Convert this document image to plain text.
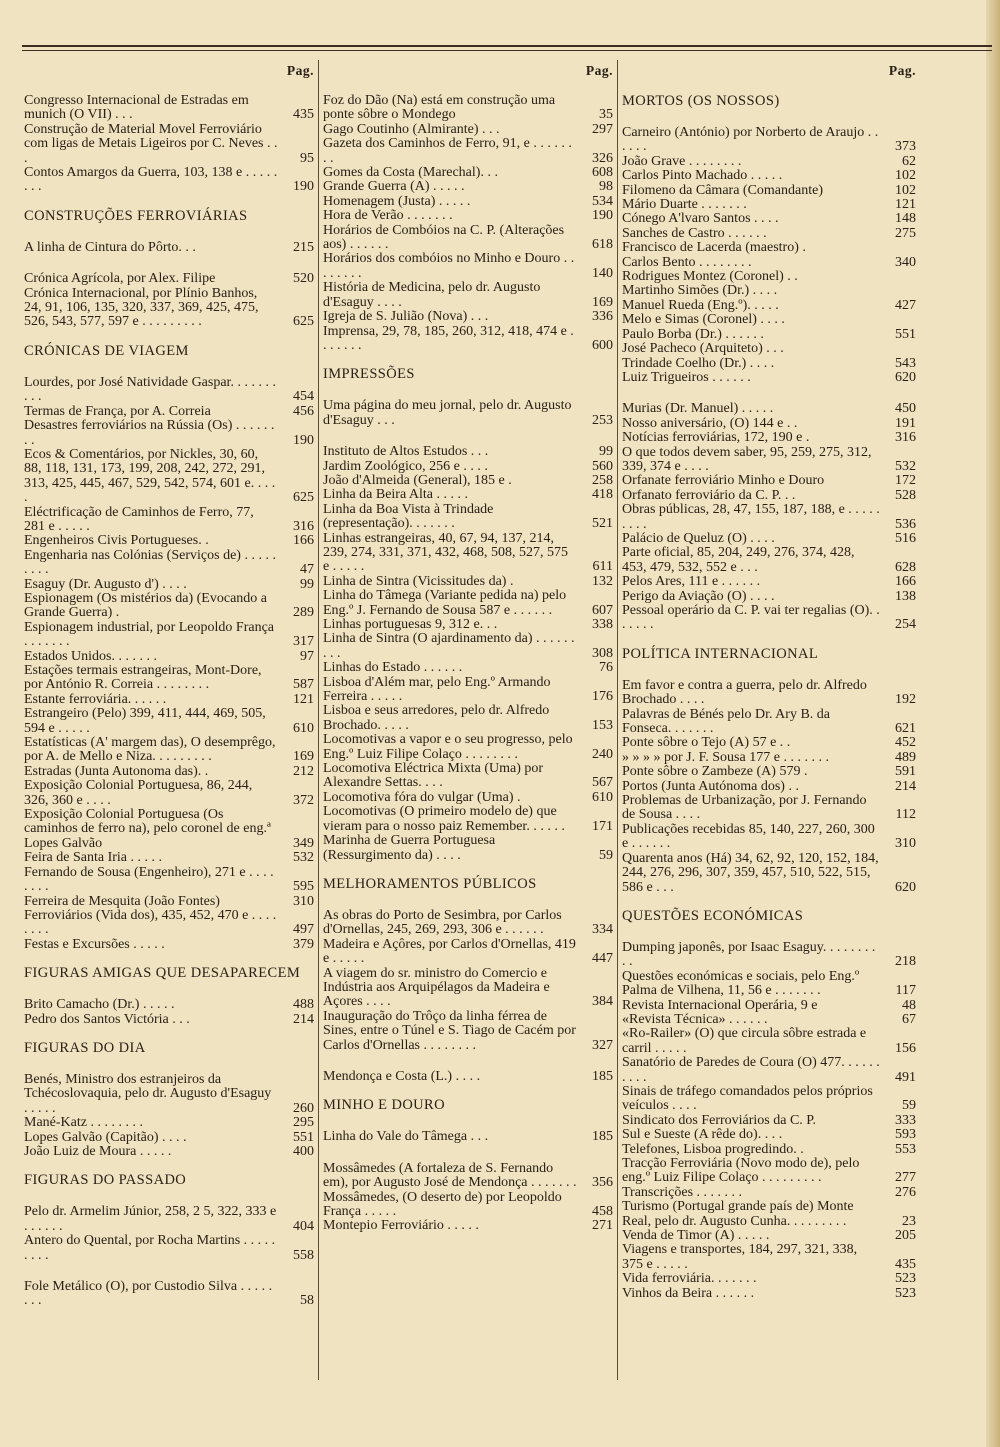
Pag.
Congresso Internacional de Estradas em munich (O VII) . . .	435
Construção de Material Movel Ferroviário com ligas de Metais Ligeiros por C. Neves . . .	95
Contos Amargos da Guerra, 103, 138 e . . . . . . . .	190
CONSTRUÇÕES FERROVIÁRIAS
A linha de Cintura do Pôrto. . .	215
Crónica Agrícola, por Alex. Filipe	520
Crónica Internacional, por Plínio Banhos, 24, 91, 106, 135, 320, 337, 369, 425, 475, 526, 543, 577, 597 e . . . . . . . . .	625
CRÓNICAS DE VIAGEM
Lourdes, por José Natividade Gaspar. . . . . . . . . .	454
Termas de França, por A. Correia	456
Desastres ferroviários na Rússia (Os) . . . . . . . .	190
Ecos & Comentários, por Nickles, 30, 60, 88, 118, 131, 173, 199, 208, 242, 272, 291, 313, 425, 445, 467, 529, 542, 574, 601 e. . . . .	625
Eléctrificação de Caminhos de Ferro, 77, 281 e . . . . .	316
Engenheiros Civis Portugueses. .	166
Engenharia nas Colónias (Serviços de) . . . . . . . . .	47
Esaguy (Dr. Augusto d') . . . .	99
Espionagem (Os mistérios da) (Evocando a Grande Guerra) .	289
Espionagem industrial, por Leopoldo França . . . . . . .	317
Estados Unidos. . . . . . .	97
Estações termais estrangeiras, Mont-Dore, por António R. Correia . . . . . . . .	587
Estante ferroviária. . . . . .	121
Estrangeiro (Pelo) 399, 411, 444, 469, 505, 594 e . . . . .	610
Estatísticas (A' margem das), O desemprêgo, por A. de Mello e Niza. . . . . . . . .	169
Estradas (Junta Autonoma das). .	212
Exposição Colonial Portuguesa, 86, 244, 326, 360 e . . . .	372
Exposição Colonial Portuguesa (Os caminhos de ferro na), pelo coronel de eng.ª Lopes Galvão	349
Feira de Santa Iria . . . . .	532
Fernando de Sousa (Engenheiro), 271 e . . . . . . . .	595
Ferreira de Mesquita (João Fontes)	310
Ferroviários (Vida dos), 435, 452, 470 e . . . . . . . .	497
Festas e Excursões . . . . .	379
FIGURAS AMIGAS QUE DESAPARECEM
Brito Camacho (Dr.) . . . . .	488
Pedro dos Santos Victória . . .	214
FIGURAS DO DIA
Benés, Ministro dos estranjeiros da Tchécoslovaquia, pelo dr. Augusto d'Esaguy . . . . .	260
Mané-Katz . . . . . . . .	295
Lopes Galvão (Capitão) . . . .	551
João Luiz de Moura . . . . .	400
FIGURAS DO PASSADO
Pelo dr. Armelim Júnior, 258, 2 5, 322, 333 e . . . . . .	404
Antero do Quental, por Rocha Martins . . . . . . . . .	558
Fole Metálico (O), por Custodio Silva . . . . . . . .	58
Pag.
Foz do Dão (Na) está em construção uma ponte sôbre o Mondego	35
Gago Coutinho (Almirante) . . .	297
Gazeta dos Caminhos de Ferro, 91, e . . . . . . . .	326
Gomes da Costa (Marechal). . .	608
Grande Guerra (A) . . . . .	98
Homenagem (Justa) . . . . .	534
Hora de Verão . . . . . . .	190
Horários de Combóios na C. P. (Alterações aos) . . . . . .	618
Horários dos combóios no Minho e Douro . . . . . . . .	140
História de Medicina, pelo dr. Augusto d'Esaguy . . . .	169
Igreja de S. Julião (Nova) . . .	336
Imprensa, 29, 78, 185, 260, 312, 418, 474 e . . . . . . .	600
IMPRESSÕES
Uma página do meu jornal, pelo dr. Augusto d'Esaguy . . .	253
Instituto de Altos Estudos . . .	99
Jardim Zoológico, 256 e . . . .	560
João d'Almeida (General), 185 e .	258
Linha da Beira Alta . . . . .	418
Linha da Boa Vista à Trindade (representação). . . . . . .	521
Linhas estrangeiras, 40, 67, 94, 137, 214, 239, 274, 331, 371, 432, 468, 508, 527, 575 e . . . . .	611
Linha de Sintra (Vicissitudes da) .	132
Linha do Tâmega (Variante pedida na) pelo Eng.º J. Fernando de Sousa 587 e . . . . . .	607
Linhas portuguesas 9, 312 e. . .	338
Linha de Sintra (O ajardinamento da) . . . . . . . . .	308
Linhas do Estado . . . . . .	76
Lisboa d'Além mar, pelo Eng.º Armando Ferreira . . . . .	176
Lisboa e seus arredores, pelo dr. Alfredo Brochado. . . . .	153
Locomotivas a vapor e o seu progresso, pelo Eng.º Luiz Filipe Colaço . . . . . . . .	240
Locomotiva Eléctrica Mixta (Uma) por Alexandre Settas. . . .	567
Locomotiva fóra do vulgar (Uma) .	610
Locomotivas (O primeiro modelo de) que vieram para o nosso paiz Remember. . . . . .	171
Marinha de Guerra Portuguesa (Ressurgimento da) . . . .	59
MELHORAMENTOS PÚBLICOS
As obras do Porto de Sesimbra, por Carlos d'Ornellas, 245, 269, 293, 306 e . . . . . .	334
Madeira e Açôres, por Carlos d'Ornellas, 419 e . . . . .	447
A viagem do sr. ministro do Comercio e Indústria aos Arquipélagos da Madeira e Açores . . . .	384
Inauguração do Trôço da linha férrea de Sines, entre o Túnel e S. Tiago de Cacém por Carlos d'Ornellas . . . . . . . .	327
Mendonça e Costa (L.) . . . .	185
MINHO E DOURO
Linha do Vale do Tâmega . . .	185
Mossâmedes (A fortaleza de S. Fernando em), por Augusto José de Mendonça . . . . . . .	356
Mossâmedes, (O deserto de) por Leopoldo França . . . . .	458
Montepio Ferroviário . . . . .	271
Pag.
MORTOS (OS NOSSOS)
Carneiro (António) por Norberto de Araujo . . . . . .	373
João Grave . . . . . . . .	62
Carlos Pinto Machado . . . . .	102
Filomeno da Câmara (Comandante)	102
Mário Duarte . . . . . . .	121
Cónego A'lvaro Santos . . . .	148
Sanches de Castro . . . . . .	275
Francisco de Lacerda (maestro) .
Carlos Bento . . . . . . . .	340
Rodrigues Montez (Coronel) . .
Martinho Simões (Dr.) . . . .
Manuel Rueda (Eng.º). . . . .	427
Melo e Simas (Coronel) . . . .
Paulo Borba (Dr.) . . . . . .	551
José Pacheco (Arquiteto) . . .
Trindade Coelho (Dr.) . . . .	543
Luiz Trigueiros . . . . . .	620
Murias (Dr. Manuel) . . . . .	450
Nosso aniversário, (O) 144 e . .	191
Notícias ferroviárias, 172, 190 e .	316
O que todos devem saber, 95, 259, 275, 312, 339, 374 e . . . .	532
Orfanate ferroviário Minho e Douro	172
Orfanato ferroviário da C. P. . .	528
Obras públicas, 28, 47, 155, 187, 188, e . . . . . . . . .	536
Palácio de Queluz (O) . . . .	516
Parte oficial, 85, 204, 249, 276, 374, 428, 453, 479, 532, 552 e . . .	628
Pelos Ares, 111 e . . . . . .	166
Perigo da Aviação (O) . . . .	138
Pessoal operário da C. P. vai ter regalias (O). . . . . . .	254
POLÍTICA INTERNACIONAL
Em favor e contra a guerra, pelo dr. Alfredo Brochado . . . .	192
Palavras de Bénés pelo Dr. Ary B. da Fonseca. . . . . . .	621
Ponte sôbre o Tejo (A) 57 e . .	452
» » » » por J. F. Sousa 177 e . . . . . . .	489
Ponte sôbre o Zambeze (A) 579 .	591
Portos (Junta Autónoma dos) . .	214
Problemas de Urbanização, por J. Fernando de Sousa . . . .	112
Publicações recebidas 85, 140, 227, 260, 300 e . . . . . .	310
Quarenta anos (Há) 34, 62, 92, 120, 152, 184, 244, 276, 296, 307, 359, 457, 510, 522, 515, 586 e . . .	620
QUESTÕES ECONÓMICAS
Dumping japonês, por Isaac Esaguy. . . . . . . . . .	218
Questões económicas e sociais, pelo Eng.º Palma de Vilhena, 11, 56 e . . . . . . .	117
Revista Internacional Operária, 9 e	48
«Revista Técnica» . . . . . .	67
«Ro-Railer» (O) que circula sôbre estrada e carril . . . . .	156
Sanatório de Paredes de Coura (O) 477. . . . . . . . . .	491
Sinais de tráfego comandados pelos próprios veículos . . . .	59
Sindicato dos Ferroviários da C. P.	333
Sul e Sueste (A rêde do). . . .	593
Telefones, Lisboa progredindo. .	553
Tracção Ferroviária (Novo modo de), pelo eng.º Luiz Filipe Colaço . . . . . . . . .	277
Transcrições . . . . . . .	276
Turismo (Portugal grande país de) Monte Real, pelo dr. Augusto Cunha. . . . . . . . .	23
Venda de Timor (A) . . . . .	205
Viagens e transportes, 184, 297, 321, 338, 375 e . . . . .	435
Vida ferroviária. . . . . . .	523
Vinhos da Beira . . . . . .	523
